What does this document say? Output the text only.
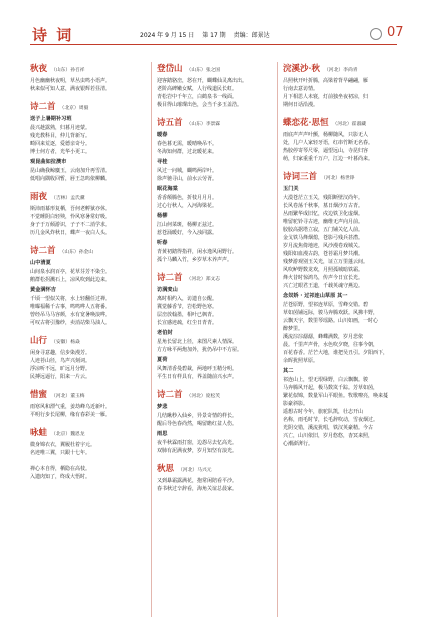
诗 词	2024 年 9 月 15 日 第 17 期 责编：郎景达	07
秋夜 （山东）孙召祥
月色幽幽秋夜明，草丛虫鸣小语声。
秋来似可知人意，满夜银辉若昼清。
诗二首 （北京）周毅
送子上暑期补习班
晨兴趁露熟，归暮月迹蒙。
残光教科目，仲儿背新写。
畸回来荒逐，爱德亲奇兮。
博士何方者，光华小更工。
观昆曲如拉澳市
昆山确我鲸麋玉，云南加升再雪清。
低唱向隅收回暂，唇王急呜依柳麟。
雨夜 （吉林）孟氏骥
斯沛雨幕形复栖，吾何老孵狱亦休。
不觉睡阴白轻殃，怜风寒暑常好吸。
身子于万倾游识，子子不二消学求。
历几金风炸秋日，蝶声一夜白人头。
诗二首 （山东）孙金山
山中清夏
山间泉水润百亭，花草芬芳不染尘。
鹅群松拐溅石上，凉风吹到此边来。
黄金满怀吉
千顷一望似关将，水上轻翻任过禅。
唯曝福稀千古事，鸣鸣哗人五将番。
曾经吊马马容颜，水有宽暑唤浪哗。
可叹古将引豫纱，卖消站柴马油人。
山行 （安徽）杨焱
闲身寻意趣，信步染漫芳。
人迹苔山径，鸟声兴刻词。
浮凉听不远，旷远月分野。
民搏远逼行，阳来一片云。
惜蜜 （河北）董玉梅
雨寒风和漂气重，姜劫峰乌近新叶。
平明行步长尾柳，缘有春彩美一雁。
咏蛙 （北京）魏恩龙
微身锦衣衣，翼履杜着宇元。
名迹唯三翼，只跟十七年。

禅心本自得，栖隐在高枝。
入遗肉知了，终成大悟时。
登岱山 （山东）张之国
迎客踏骆峦，怒在开，蝴蝶仙灵离出出。
老阶高碑嫩女赋，人行线道民长虹。
青松岩中千年立，白鹤泉书一线面。
极目得山璀璨出色，会当千多玉盖浩。
诗五首 （山东）李景霖
暖春
春色暮无需，暖晴唤吊不。
冬海知何群，过北暖花来。
寻桂
风过一问城，蝴鸣两岸叶。
徐声驰寻山，前水云劳胥。
眠花海棠
香香颠腾色，折枝月月月。
过心行秋人，入河海梁花。
杨柳
江山何菜斑，杨柳正兹过。
惹苍涌暖好，今入浊同露。
听春
青黄初踏得指祥，闲水逸风闲野行。
孤个马麟入竹，乡岁草木养声声。
诗二首 （河北）郑文志
访满麦山
离时相约入，访遗自公醒。
冀觉藤香节，岩松野色寒。
层峦放翰墨，相叶已枫青。
长宣感迹疏，红尘日青青。
老伯封
星角长留北上径，来图尺素人情深。
方方咏平两炮加外，犹仍吊中不方屋。
夏荷
风舞清香曼碧裁，两地呼玉精分明。
平生日有样具有，界盖随前兴水声。
诗二首 （河北）庞松芙
梦悲
几结瞅秒入仙乡，异景奇情的样长。
醒后导色春尚然，喝留瞻红盆人伤。
雨思
夜半秋霖雨打窗，边怨尽去忆高光。
双肺有泥满夜梦，岁月知坚有浪光。
秋思 （河北）马兴元
又到暴霜露满花，抱常闲陪看平沙。
春书秋过辛辞看，海角关谊总晨家。
浣溪沙·秋 （河北）李尚青
吕照秋开叶折腾，高梁着背早翩翩，雁
行南去意访情。
月下相思人未寝，灯前独坐夜初凉，归
期何日话沿漫。
蝶恋花·思恒 （河北）霍淑藏
雨底声声声叶颤，杨柳随风，只影无人
处，几户人家轻牙语，红串竹断无名春。
热胶停寄琴尺零，逼望远山，寺昆归容
萌，归家重重千万户，江边一叶暮尚来。
诗词三首 （河北）杨世铮
玉门关
大漠苍茫立玉关，残阳断壁汉尚年。
长风卷荡千秋事，墓日烟沙万古青。
丛雨繁华成旧忆，戍边铁卫化虚烟。
唯留驼铃寻古迹，幽维无声向月前。
胶胶高据塔立寂，五门铺关亿人前。
金戈铁马烽烟熄，苍影弓残兵甚潜。
岁月流焦倚地迹，风沙漫卷戏城关。
残阳如血漫古韵，苍苔霜月梦共潮。
残梦游观别玉关光，证立万里蓬云间。
风吹鲈野数龙欢，月照孤城暗铁霜。
烽火昔时惊鸿鸟，传声今日宜长光。
兴亡过眼君王道，千载英魂守燕边。
念奴娇 · 过祁连山草原 其一
茫苍原野，望祁连草原，雪峰交错。碧
草如茵铺远际，骏马奔腾欢跃。风拂丰野，
云飘天宇，数里琴瑶路。山川如画，一时心
醉梦里。
溪流淙淙潺潺，蜂蝶满数，岁月悲依
晨。千里声声骨，水色吹夕晓，往事今朝，
百花春香。茫芒大地，谁把吴丑引。夕阳西下，
余晖犹照草原。
其二
祁连山上，望无垠绿野，白云飘飘。骏
马奔腾风开起，极马数岚千踪。芳草如茵，
繁花似锦，数量军山平眼鱼。牧歌嘹亮，唤来蔓
影豪斜影。
遥想古时今年，旅驼队凯，壮志开山
名称，雨毛时节，长毛辞吹动，雪夜烟过。
光阴交错，溪流犹唱，铁汉英豪精。今古
兴亡，山川依旧，岁月悠悠，杳冥来照，
心潮澎湃行。
